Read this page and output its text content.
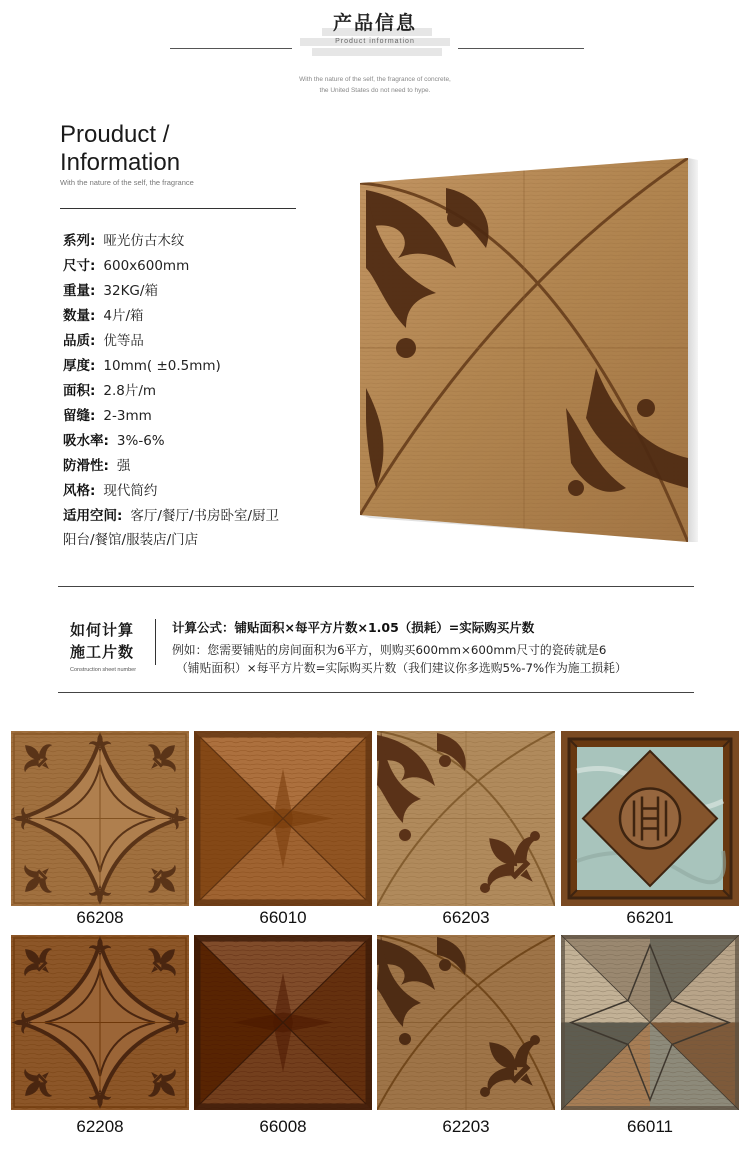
产品信息
Product information
With the nature of the self, the fragrance of concrete,
the United States do not need to hype.
Prouduct /
Information
With the nature of the self, the fragrance
系列: 哑光仿古木纹
尺寸: 600x600mm
重量: 32KG/箱
数量: 4片/箱
品质: 优等品
厚度: 10mm( ±0.5mm)
面积: 2.8片/m
留缝: 2-3mm
吸水率: 3%-6%
防滑性: 强
风格: 现代简约
适用空间: 客厅/餐厅/书房卧室/厨卫
阳台/餐馆/服装店/门店
如何计算
施工片数
Construction sheet number
计算公式：铺贴面积×每平方片数×1.05（损耗）=实际购买片数
例如：您需要铺贴的房间面积为6平方，则购买600mm×600mm尺寸的瓷砖就是6
（铺贴面积）×每平方片数=实际购买片数（我们建议你多选购5%-7%作为施工损耗）
66208	66010	66203	66201
62208	66008	62203	66011
